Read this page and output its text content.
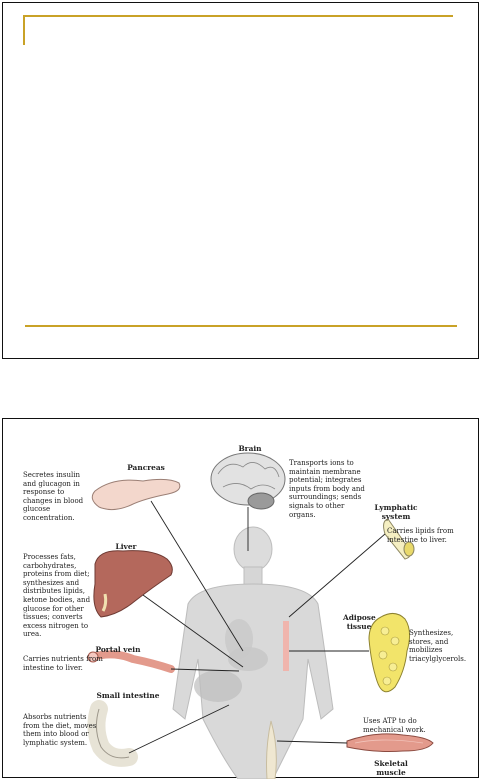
Brain
Pancreas
Lymphatic system
Liver
Adipose tissue
Portal vein
Small intestine
Skeletal muscle
Transports ions to maintain membrane potential; integrates inputs from body and surroundings; sends signals to other organs.
Secretes insulin and glucagon in response to changes in blood glucose concentration.
Carries lipids from intestine to liver.
Processes fats, carbohydrates, proteins from diet; synthesizes and distributes lipids, ketone bodies, and glucose for other tissues; converts excess nitrogen to urea.	Synthesizes, stores, and mobilizes triacylglycerols.
Carries nutrients from intestine to liver.
Absorbs nutrients from the diet, moves them into blood or lymphatic system.
Uses ATP to do mechanical work.
